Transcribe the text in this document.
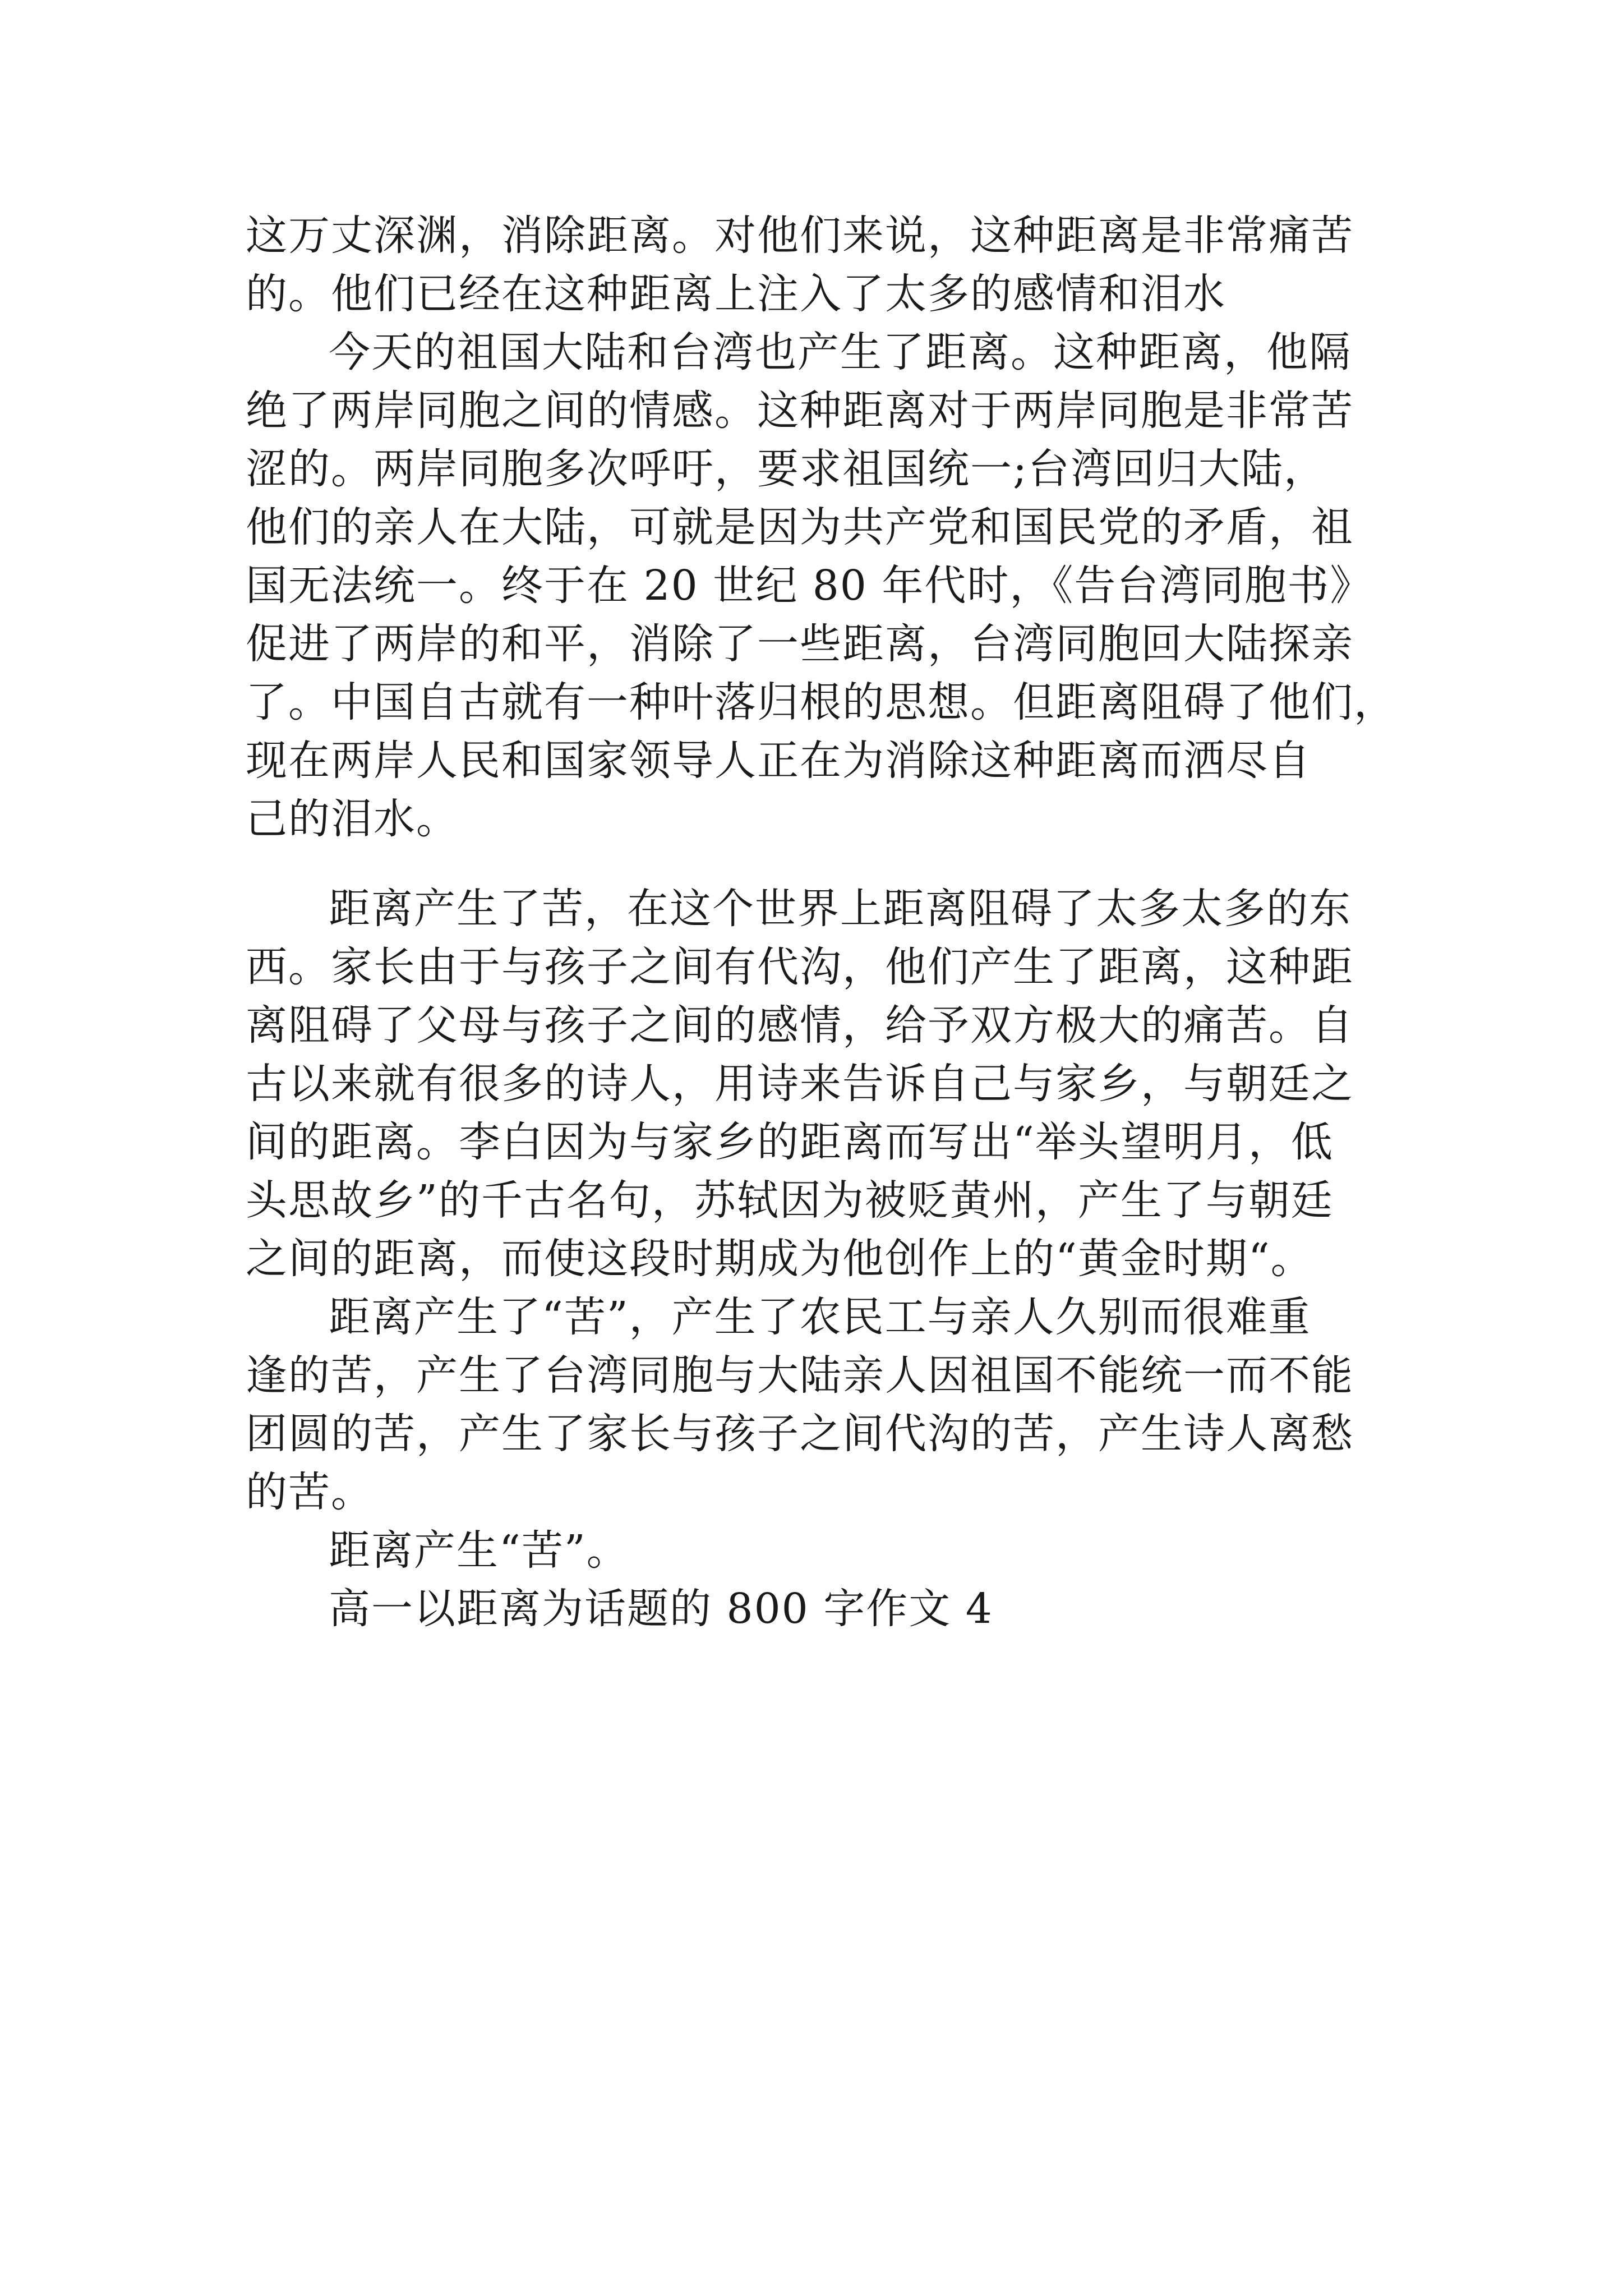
这万丈深渊，消除距离。对他们来说，这种距离是非常痛苦
的。他们已经在这种距离上注入了太多的感情和泪水
今天的祖国大陆和台湾也产生了距离。这种距离，他隔
绝了两岸同胞之间的情感。这种距离对于两岸同胞是非常苦
涩的。两岸同胞多次呼吁，要求祖国统一;台湾回归大陆，
他们的亲人在大陆，可就是因为共产党和国民党的矛盾，祖
国无法统一。终于在 20 世纪 80 年代时，《告台湾同胞书》
促进了两岸的和平，消除了一些距离，台湾同胞回大陆探亲
了。中国自古就有一种叶落归根的思想。但距离阻碍了他们，
现在两岸人民和国家领导人正在为消除这种距离而洒尽自
己的泪水。
距离产生了苦，在这个世界上距离阻碍了太多太多的东
西。家长由于与孩子之间有代沟，他们产生了距离，这种距
离阻碍了父母与孩子之间的感情，给予双方极大的痛苦。自
古以来就有很多的诗人，用诗来告诉自己与家乡，与朝廷之
间的距离。李白因为与家乡的距离而写出“举头望明月，低
头思故乡”的千古名句，苏轼因为被贬黄州，产生了与朝廷
之间的距离，而使这段时期成为他创作上的“黄金时期“。
距离产生了“苦”，产生了农民工与亲人久别而很难重
逢的苦，产生了台湾同胞与大陆亲人因祖国不能统一而不能
团圆的苦，产生了家长与孩子之间代沟的苦，产生诗人离愁
的苦。
距离产生“苦”。
高一以距离为话题的 800 字作文 4
